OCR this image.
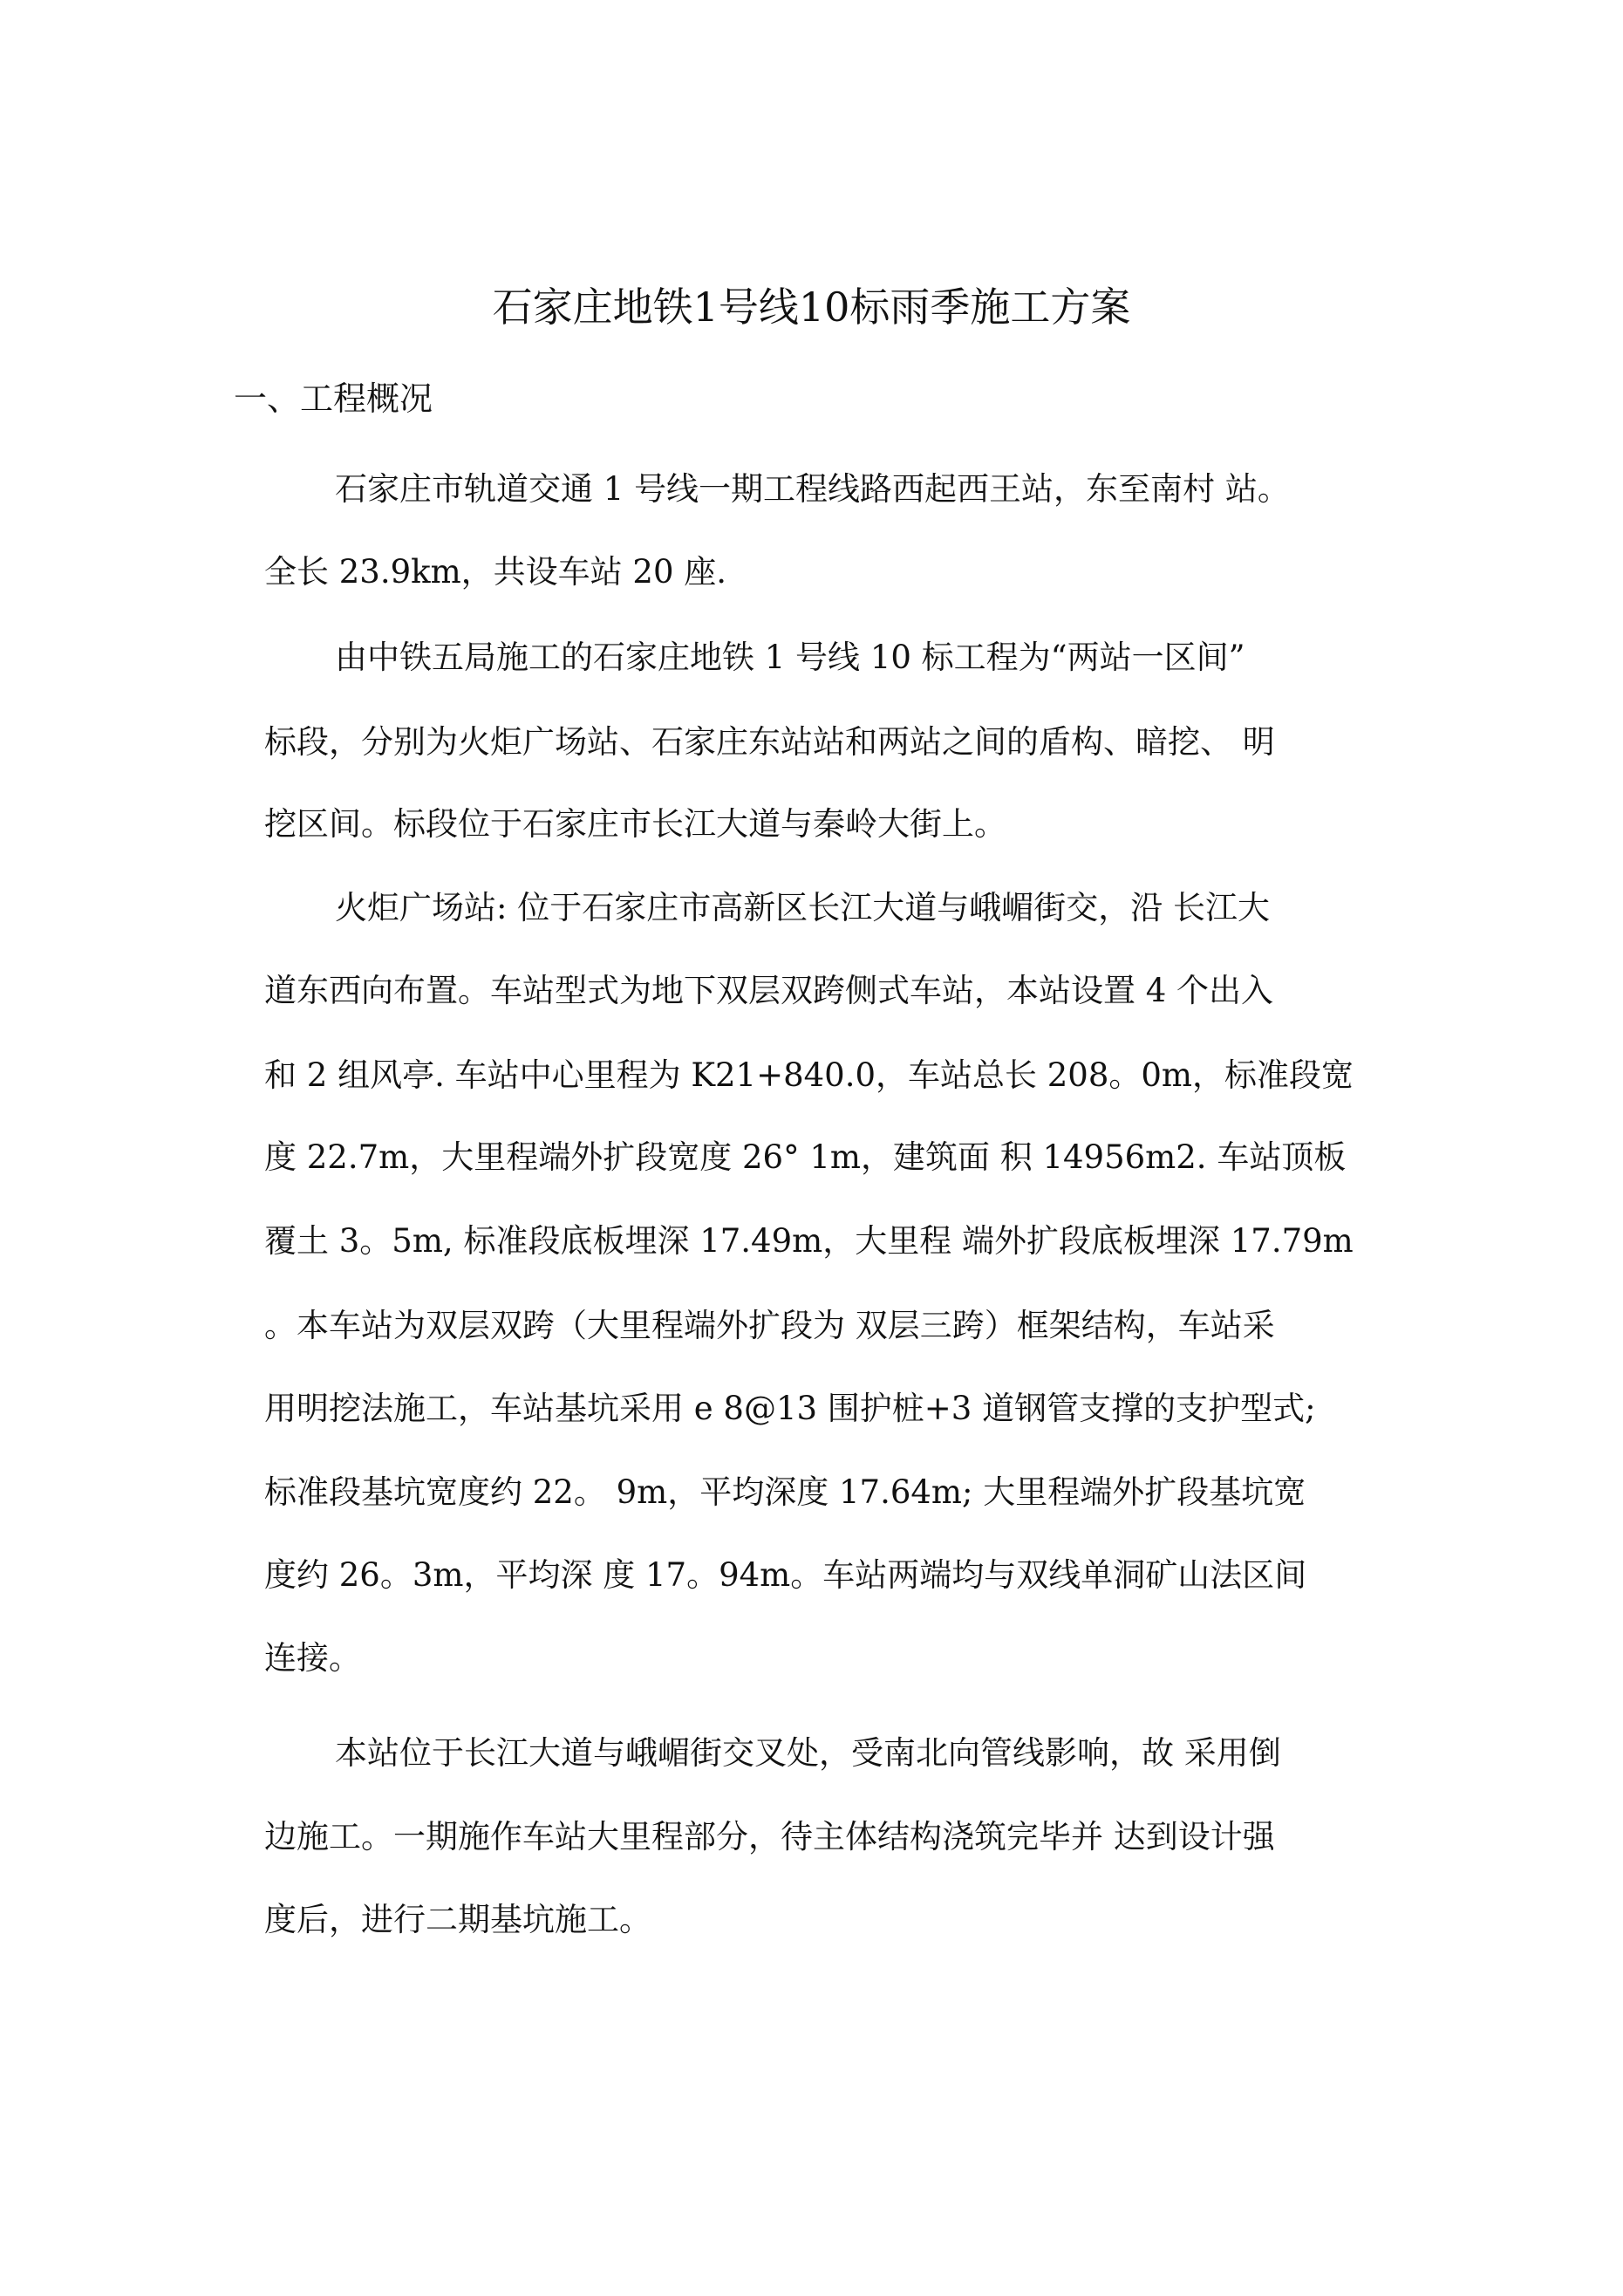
石家庄地铁1号线10标雨季施工方案
一、工程概况
石家庄市轨道交通 1 号线一期工程线路西起西王站，东至南村 站。
全长 23.9km，共设车站 20 座.
由中铁五局施工的石家庄地铁 1 号线 10 标工程为“两站一区间”
标段，分别为火炬广场站、石家庄东站站和两站之间的盾构、暗挖、 明
挖区间。标段位于石家庄市长江大道与秦岭大街上。
火炬广场站: 位于石家庄市高新区长江大道与峨嵋街交，沿 长江大
道东西向布置。车站型式为地下双层双跨侧式车站，本站设置 4 个出入
和 2 组风亭. 车站中心里程为 K21+840.0，车站总长 208。0m，标准段宽
度 22.7m，大里程端外扩段宽度 26° 1m，建筑面 积 14956m2. 车站顶板
覆土 3。5m, 标准段底板埋深 17.49m，大里程 端外扩段底板埋深 17.79m
。本车站为双层双跨（大里程端外扩段为 双层三跨）框架结构，车站采
用明挖法施工，车站基坑采用 e 8@13 围护桩+3 道钢管支撑的支护型式;
标准段基坑宽度约 22。 9m，平均深度 17.64m; 大里程端外扩段基坑宽
度约 26。3m，平均深 度 17。94m。车站两端均与双线单洞矿山法区间
连接。
本站位于长江大道与峨嵋街交叉处，受南北向管线影响，故 采用倒
边施工。一期施作车站大里程部分，待主体结构浇筑完毕并 达到设计强
度后，进行二期基坑施工。
